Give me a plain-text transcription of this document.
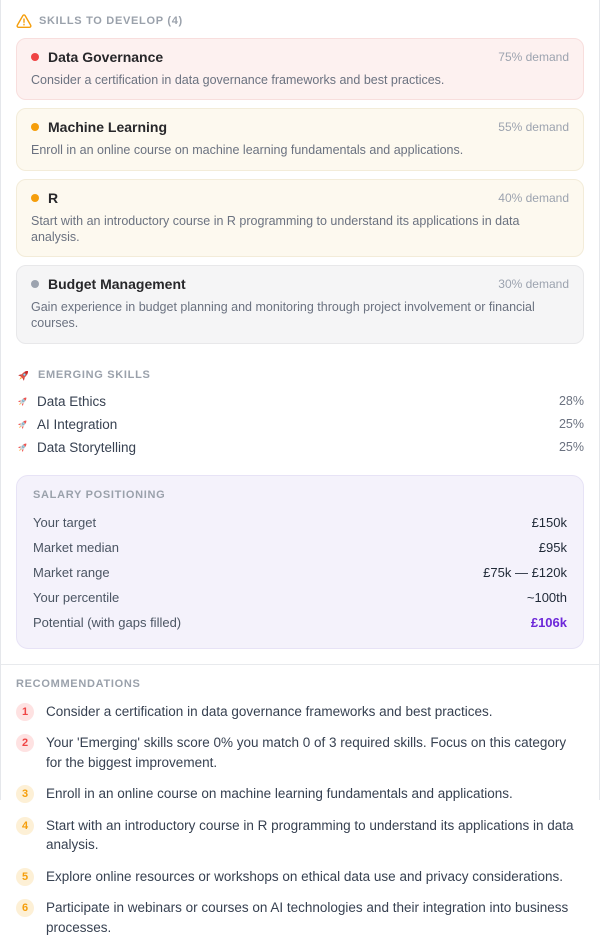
SKILLS TO DEVELOP (4)
Data Governance	75% demand
Consider a certification in data governance frameworks and best practices.
Machine Learning	55% demand
Enroll in an online course on machine learning fundamentals and applications.
R	40% demand
Start with an introductory course in R programming to understand its applications in data analysis.
Budget Management	30% demand
Gain experience in budget planning and monitoring through project involvement or financial courses.
EMERGING SKILLS
Data Ethics	28%
AI Integration	25%
Data Storytelling	25%
SALARY POSITIONING
Your target	£150k
Market median	£95k
Market range	£75k — £120k
Your percentile	~100th
Potential (with gaps filled)	£106k
RECOMMENDATIONS
1	Consider a certification in data governance frameworks and best practices.
2	Your 'Emerging' skills score 0% you match 0 of 3 required skills. Focus on this category for the biggest improvement.
3	Enroll in an online course on machine learning fundamentals and applications.
4	Start with an introductory course in R programming to understand its applications in data analysis.
5	Explore online resources or workshops on ethical data use and privacy considerations.
6	Participate in webinars or courses on AI technologies and their integration into business processes.
